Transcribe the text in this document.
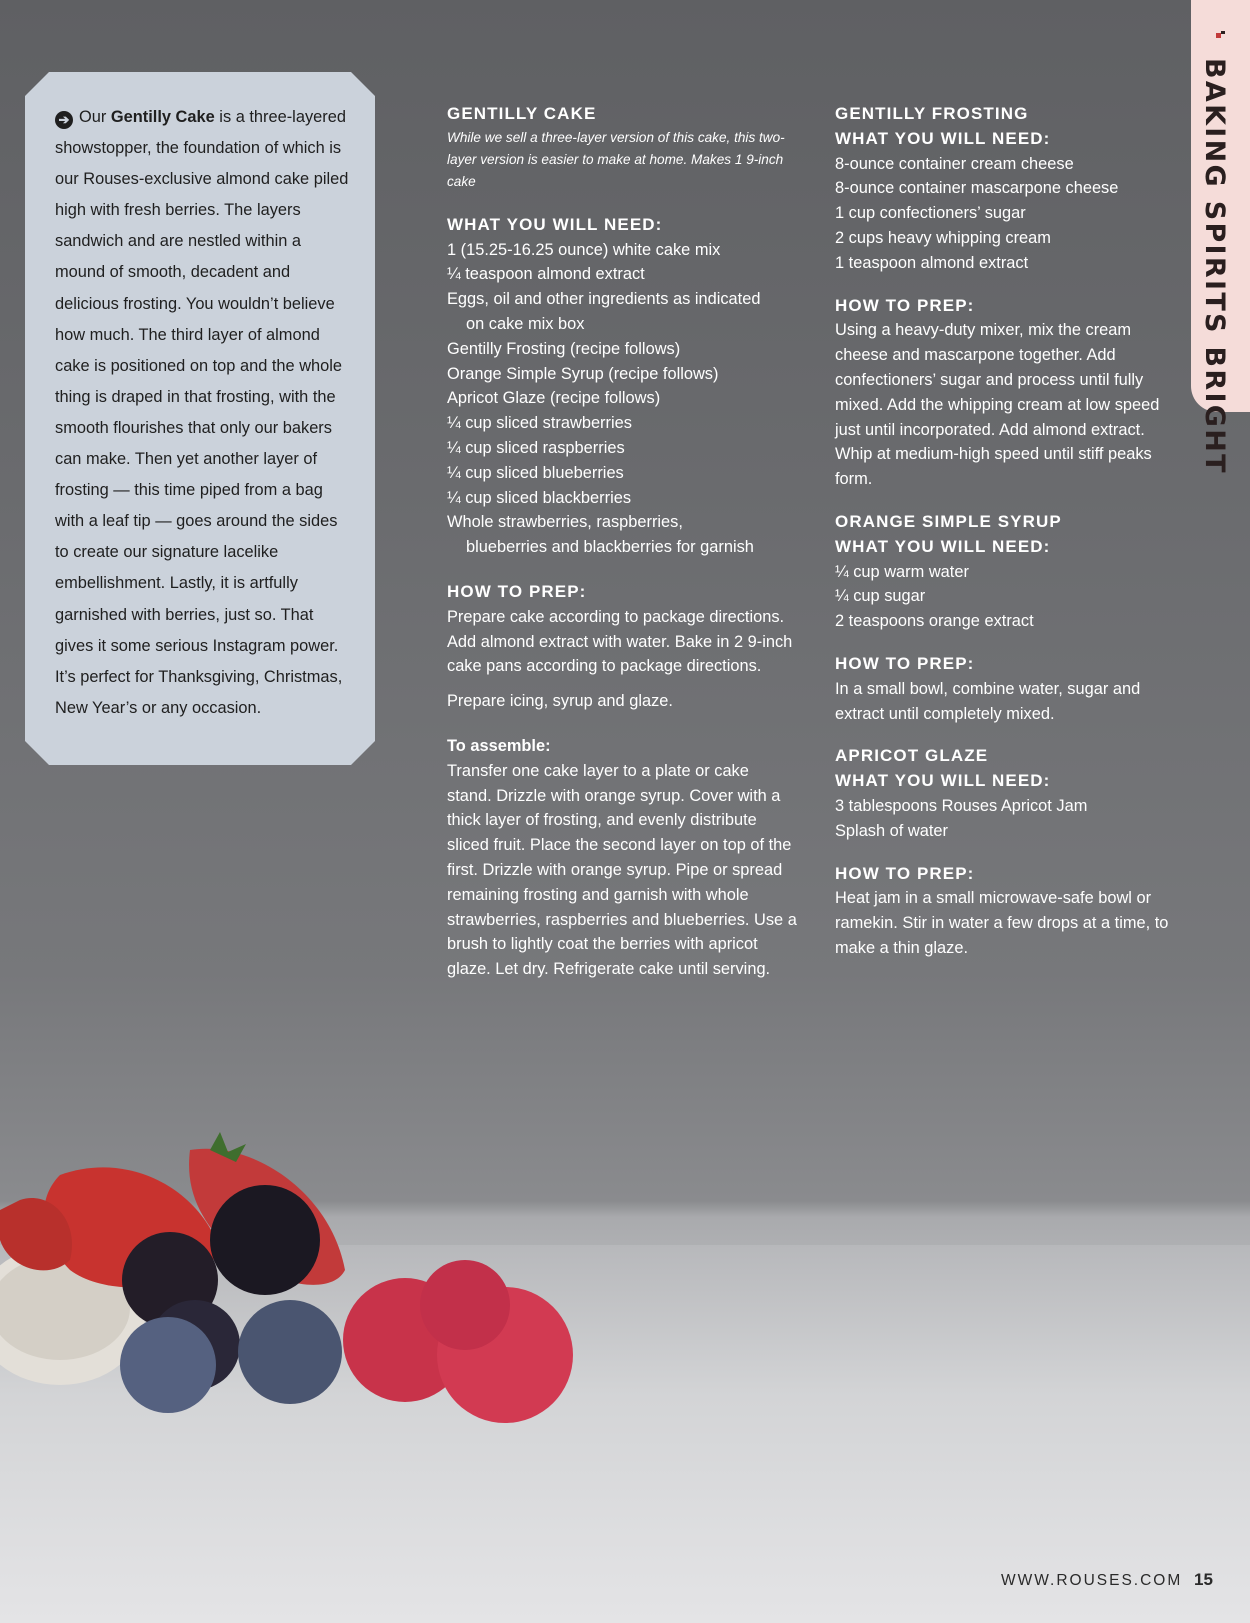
➔ Our Gentilly Cake is a three-layered showstopper, the foundation of which is our Rouses-exclusive almond cake piled high with fresh berries. The layers sandwich and are nestled within a mound of smooth, decadent and delicious frosting. You wouldn’t believe how much. The third layer of almond cake is positioned on top and the whole thing is draped in that frosting, with the smooth flourishes that only our bakers can make. Then yet another layer of frosting — this time piped from a bag with a leaf tip — goes around the sides to create our signature lacelike embellishment. Lastly, it is artfully garnished with berries, just so. That gives it some serious Instagram power. It’s perfect for Thanksgiving, Christmas, New Year’s or any occasion.

GENTILLY CAKE

While we sell a three-layer version of this cake, this two-layer version is easier to make at home. Makes 1 9-inch cake

WHAT YOU WILL NEED:

1 (15.25-16.25 ounce) white cake mix

¼ teaspoon almond extract

Eggs, oil and other ingredients as indicated

on cake mix box

Gentilly Frosting (recipe follows)

Orange Simple Syrup (recipe follows)

Apricot Glaze (recipe follows)

¼ cup sliced strawberries

¼ cup sliced raspberries

¼ cup sliced blueberries

¼ cup sliced blackberries

Whole strawberries, raspberries,

blueberries and blackberries for garnish

HOW TO PREP:

Prepare cake according to package directions. Add almond extract with water. Bake in 2 9-inch cake pans according to package directions.

Prepare icing, syrup and glaze.

To assemble:

Transfer one cake layer to a plate or cake stand. Drizzle with orange syrup. Cover with a thick layer of frosting, and evenly distribute sliced fruit. Place the second layer on top of the first. Drizzle with orange syrup. Pipe or spread remaining frosting and garnish with whole strawberries, raspberries and blueberries. Use a brush to lightly coat the berries with apricot glaze. Let dry. Refrigerate cake until serving.

GENTILLY FROSTING

WHAT YOU WILL NEED:

8-ounce container cream cheese

8-ounce container mascarpone cheese

1 cup confectioners’ sugar

2 cups heavy whipping cream

1 teaspoon almond extract

HOW TO PREP:

Using a heavy-duty mixer, mix the cream cheese and mascarpone together. Add confectioners’ sugar and process until fully mixed. Add the whipping cream at low speed just until incorporated. Add almond extract. Whip at medium-high speed until stiff peaks form.

ORANGE SIMPLE SYRUP

WHAT YOU WILL NEED:

¼ cup warm water

¼ cup sugar

2 teaspoons orange extract

HOW TO PREP:

In a small bowl, combine water, sugar and extract until completely mixed.

APRICOT GLAZE

WHAT YOU WILL NEED:

3 tablespoons Rouses Apricot Jam

Splash of water

HOW TO PREP:

Heat jam in a small microwave-safe bowl or ramekin. Stir in water a few drops at a time, to make a thin glaze.

BAKING SPIRITS BRIGHT
WWW.ROUSES.COM 15
